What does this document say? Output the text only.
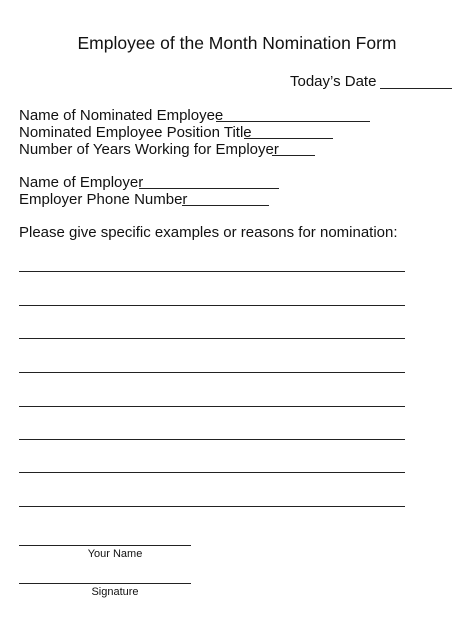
Employee of the Month Nomination Form
Today’s Date
Name of Nominated Employee
Nominated Employee Position Title
Number of Years Working for Employer
Name of Employer
Employer Phone Number
Please give specific examples or reasons for nomination:
Your Name
Signature
